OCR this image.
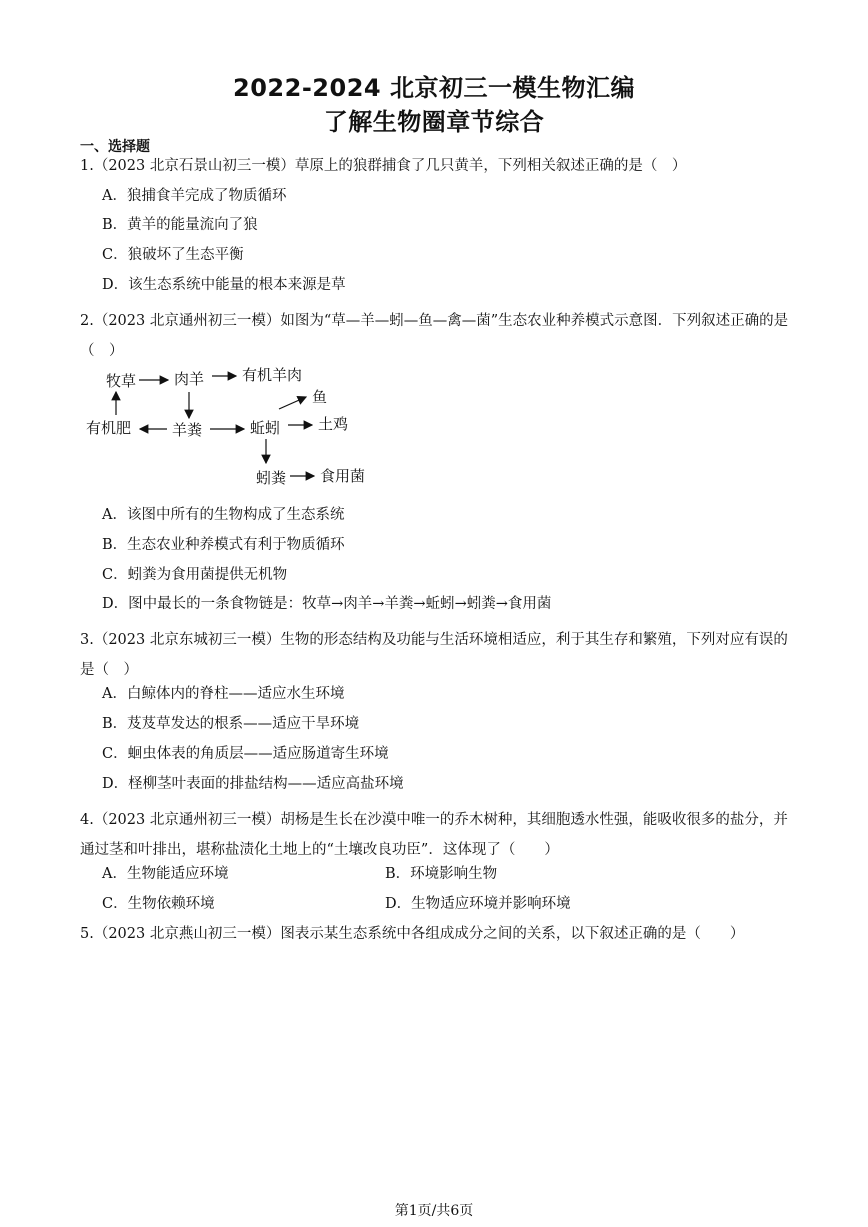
2022-2024 北京初三一模生物汇编
了解生物圈章节综合
一、选择题
1.（2023 北京石景山初三一模）草原上的狼群捕食了几只黄羊，下列相关叙述正确的是（　）
A．狼捕食羊完成了物质循环
B．黄羊的能量流向了狼
C．狼破坏了生态平衡
D．该生态系统中能量的根本来源是草
2.（2023 北京通州初三一模）如图为“草—羊—蚓—鱼—禽—菌”生态农业种养模式示意图．下列叙述正确的是（　）
牧草	肉羊	有机羊肉
鱼
有机肥	羊粪	蚯蚓	土鸡
蚓粪 食用菌
A．该图中所有的生物构成了生态系统
B．生态农业种养模式有利于物质循环
C．蚓粪为食用菌提供无机物
D．图中最长的一条食物链是：牧草→肉羊→羊粪→蚯蚓→蚓粪→食用菌
3.（2023 北京东城初三一模）生物的形态结构及功能与生活环境相适应，利于其生存和繁殖，下列对应有误的是（　）
A．白鲸体内的脊柱——适应水生环境
B．芨芨草发达的根系——适应干旱环境
C．蛔虫体表的角质层——适应肠道寄生环境
D．柽柳茎叶表面的排盐结构——适应高盐环境
4.（2023 北京通州初三一模）胡杨是生长在沙漠中唯一的乔木树种，其细胞透水性强，能吸收很多的盐分，并通过茎和叶排出，堪称盐渍化土地上的“土壤改良功臣”．这体现了（　　）
A．生物能适应环境	B．环境影响生物
C．生物依赖环境	D．生物适应环境并影响环境
5.（2023 北京燕山初三一模）图表示某生态系统中各组成成分之间的关系，以下叙述正确的是（　　）
第1页/共6页
